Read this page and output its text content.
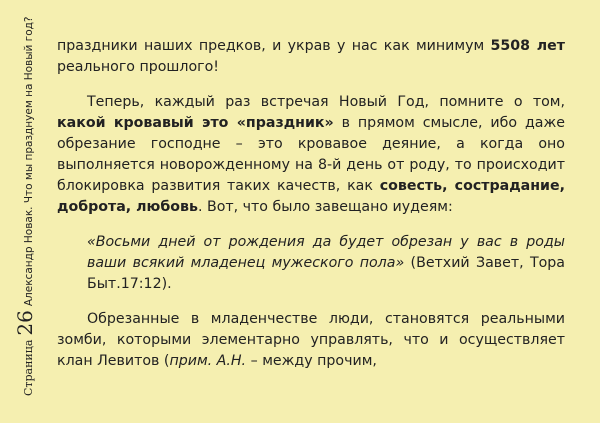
Страница26Александр Новак. Что мы празднуем на Новый год? праздники наших предков, и украв у нас как минимум 5508 лет реального прошлого!

Теперь, каждый раз встречая Новый Год, помните о том, какой кровавый это «праздник» в прямом смысле, ибо даже обрезание господне – это кровавое деяние, а когда оно выполняется новорожденному на 8-й день от роду, то происходит блокировка развития таких качеств, как совесть, сострадание, доброта, любовь. Вот, что было завещано иудеям:

«Восьми дней от рождения да будет обрезан у вас в роды ваши всякий младенец мужеского пола» (Ветхий Завет, Тора Быт.17:12).

Обрезанные в младенчестве люди, становятся реальными зомби, которыми элементарно управлять, что и осуществляет клан Левитов (прим. А.Н. – между прочим,
